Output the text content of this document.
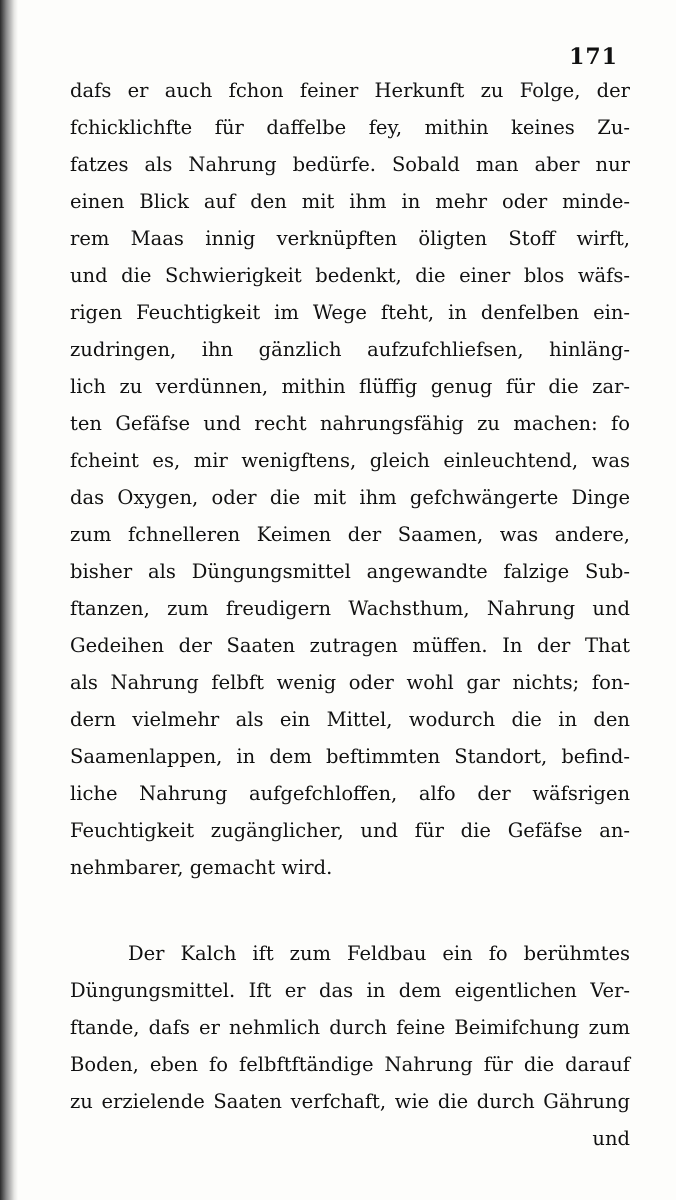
171
dafs er auch fchon feiner Herkunft zu Folge, der
fchicklichfte für daffelbe fey, mithin keines Zu-
fatzes als Nahrung bedürfe. Sobald man aber nur
einen Blick auf den mit ihm in mehr oder minde-
rem Maas innig verknüpften öligten Stoff wirft,
und die Schwierigkeit bedenkt, die einer blos wäfs-
rigen Feuchtigkeit im Wege fteht, in denfelben ein-
zudringen, ihn gänzlich aufzufchliefsen, hinläng-
lich zu verdünnen, mithin flüffig genug für die zar-
ten Gefäfse und recht nahrungsfähig zu machen: fo
fcheint es, mir wenigftens, gleich einleuchtend, was
das Oxygen, oder die mit ihm gefchwängerte Dinge
zum fchnelleren Keimen der Saamen, was andere,
bisher als Düngungsmittel angewandte falzige Sub-
ftanzen, zum freudigern Wachsthum, Nahrung und
Gedeihen der Saaten zutragen müffen. In der That
als Nahrung felbft wenig oder wohl gar nichts; fon-
dern vielmehr als ein Mittel, wodurch die in den
Saamenlappen, in dem beftimmten Standort, befind-
liche Nahrung aufgefchloffen, alfo der wäfsrigen
Feuchtigkeit zugänglicher, und für die Gefäfse an-
nehmbarer, gemacht wird.
Der Kalch ift zum Feldbau ein fo berühmtes
Düngungsmittel. Ift er das in dem eigentlichen Ver-
ftande, dafs er nehmlich durch feine Beimifchung zum
Boden, eben fo felbftftändige Nahrung für die darauf
zu erzielende Saaten verfchaft, wie die durch Gährung
und
